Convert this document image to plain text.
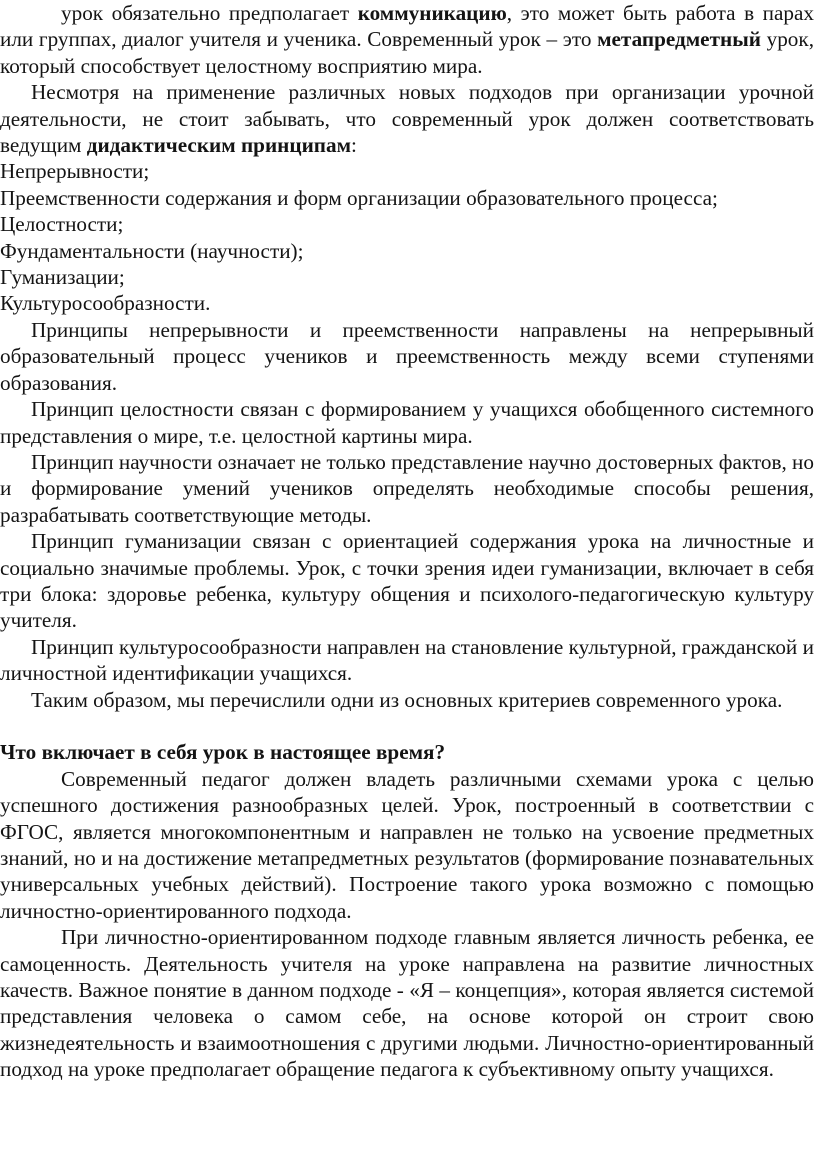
урок обязательно предполагает коммуникацию, это может быть работа в парах или группах, диалог учителя и ученика. Современный урок – это метапредметный урок, который способствует целостному восприятию мира.

Несмотря на применение различных новых подходов при организации урочной деятельности, не стоит забывать, что современный урок должен соответствовать ведущим дидактическим принципам:

Непрерывности;

Преемственности содержания и форм организации образовательного процесса;

Целостности;

Фундаментальности (научности);

Гуманизации;

Культуросообразности.

Принципы непрерывности и преемственности направлены на непрерывный образовательный процесс учеников и преемственность между всеми ступенями образования.

Принцип целостности связан с формированием у учащихся обобщенного системного представления о мире, т.е. целостной картины мира.

Принцип научности означает не только представление научно достоверных фактов, но и формирование умений учеников определять необходимые способы решения, разрабатывать соответствующие методы.

Принцип гуманизации связан с ориентацией содержания урока на личностные и социально значимые проблемы. Урок, с точки зрения идеи гуманизации, включает в себя три блока: здоровье ребенка, культуру общения и психолого-педагогическую культуру учителя.

Принцип культуросообразности направлен на становление культурной, гражданской и личностной идентификации учащихся.

Таким образом, мы перечислили одни из основных критериев современного урока.

Что включает в себя урок в настоящее время?

Современный педагог должен владеть различными схемами урока с целью успешного достижения разнообразных целей. Урок, построенный в соответствии с ФГОС, является многокомпонентным и направлен не только на усвоение предметных знаний, но и на достижение метапредметных результатов (формирование познавательных универсальных учебных действий). Построение такого урока возможно с помощью личностно-ориентированного подхода.

При личностно-ориентированном подходе главным является личность ребенка, ее самоценность. Деятельность учителя на уроке направлена на развитие личностных качеств. Важное понятие в данном подходе - «Я – концепция», которая является системой представления человека о самом себе, на основе которой он строит свою жизнедеятельность и взаимоотношения с другими людьми. Личностно-ориентированный подход на уроке предполагает обращение педагога к субъективному опыту учащихся.
